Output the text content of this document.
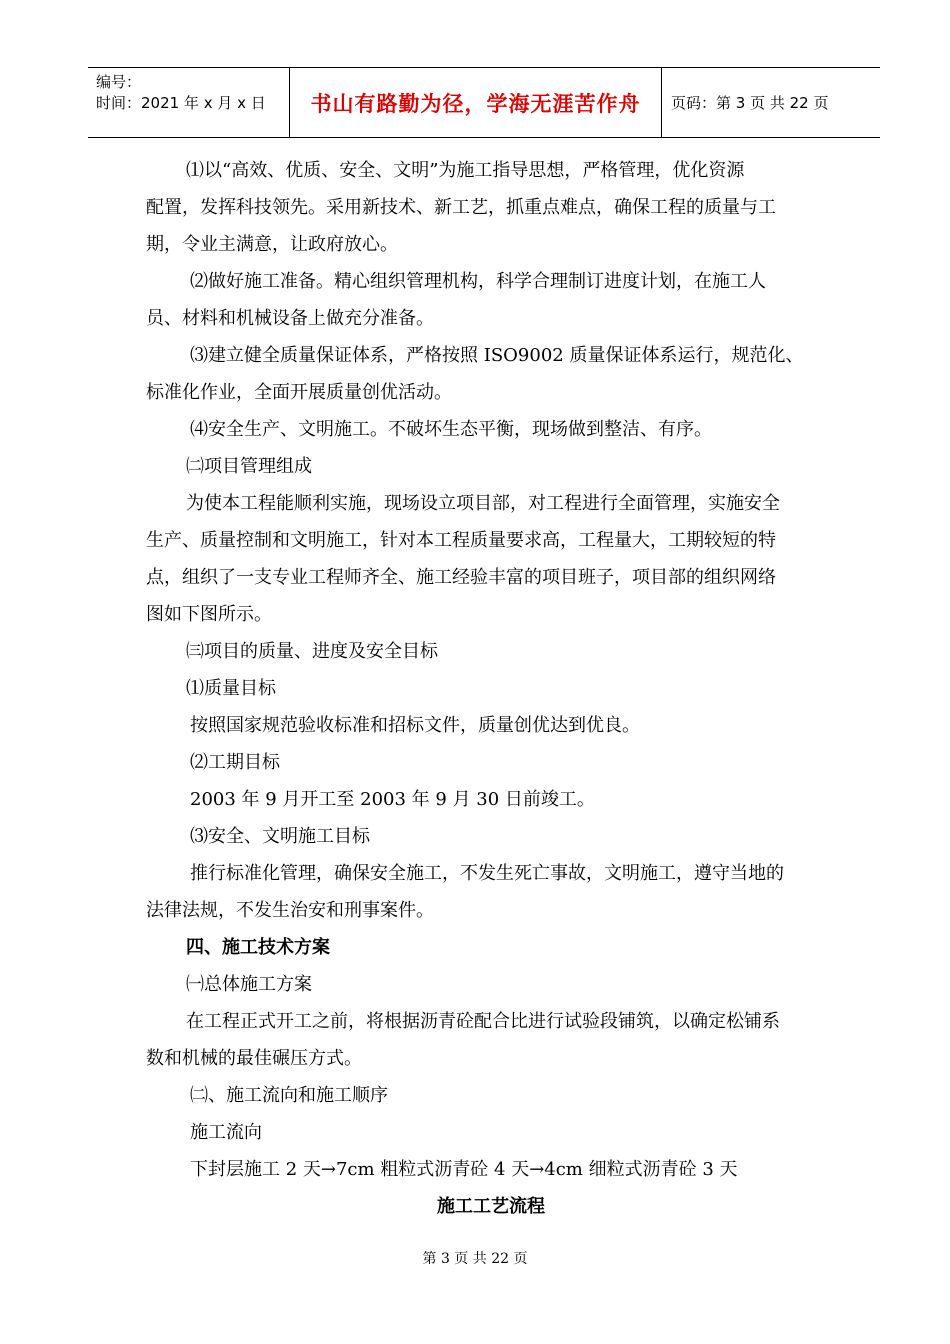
编号：
时间：2021 年 x 月 x 日	书山有路勤为径，学海无涯苦作舟 页码：第 3 页 共 22 页

⑴以“高效、优质、安全、文明”为施工指导思想，严格管理，优化资源

配置，发挥科技领先。采用新技术、新工艺，抓重点难点，确保工程的质量与工

期，令业主满意，让政府放心。

⑵做好施工准备。精心组织管理机构，科学合理制订进度计划，在施工人

员、材料和机械设备上做充分准备。

⑶建立健全质量保证体系，严格按照 ISO9002 质量保证体系运行，规范化、

标准化作业，全面开展质量创优活动。

⑷安全生产、文明施工。不破坏生态平衡，现场做到整洁、有序。

㈡项目管理组成

为使本工程能顺利实施，现场设立项目部，对工程进行全面管理，实施安全

生产、质量控制和文明施工，针对本工程质量要求高，工程量大，工期较短的特

点，组织了一支专业工程师齐全、施工经验丰富的项目班子，项目部的组织网络

图如下图所示。

㈢项目的质量、进度及安全目标

⑴质量目标

按照国家规范验收标准和招标文件，质量创优达到优良。

⑵工期目标

2003 年 9 月开工至 2003 年 9 月 30 日前竣工。

⑶安全、文明施工目标

推行标准化管理，确保安全施工，不发生死亡事故，文明施工，遵守当地的

法律法规，不发生治安和刑事案件。

四、施工技术方案

㈠总体施工方案

在工程正式开工之前，将根据沥青砼配合比进行试验段铺筑，以确定松铺系

数和机械的最佳碾压方式。

㈡、施工流向和施工顺序

施工流向

下封层施工 2 天→7cm 粗粒式沥青砼 4 天→4cm 细粒式沥青砼 3 天

施工工艺流程

第 3 页 共 22 页
